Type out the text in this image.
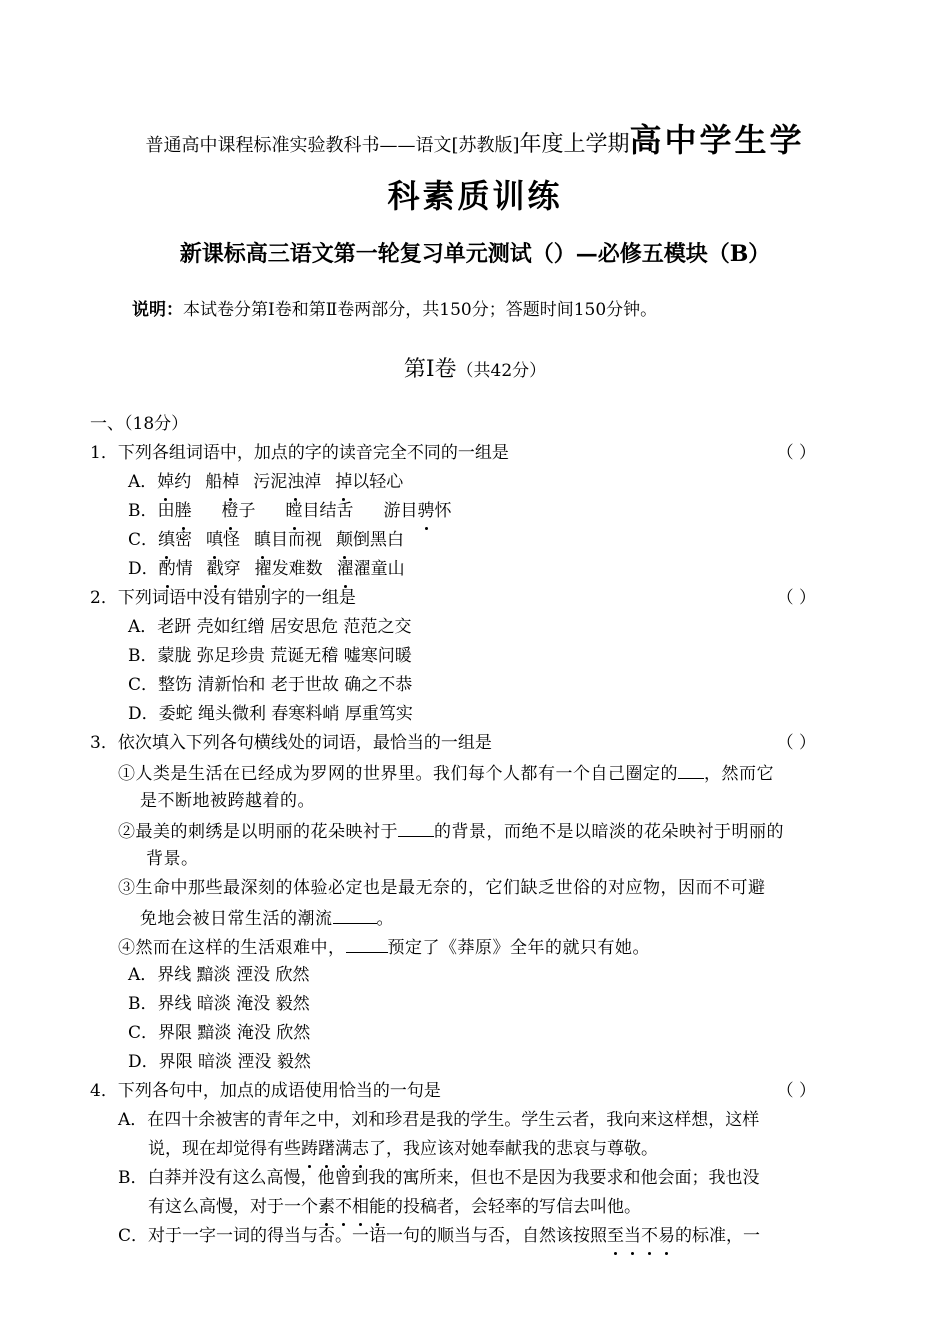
普通高中课程标准实验教科书——语文[苏教版]年度上学期高中学生学
科素质训练
新课标高三语文第一轮复习单元测试（）—必修五模块（B）
说明：本试卷分第Ⅰ卷和第Ⅱ卷两部分，共150分；答题时间150分钟。
第Ⅰ卷（共42分）
一、（18分）
1．下列各组词语中，加点的字的读音完全不同的一组是	（ ）
A．婥约 船棹 污泥浊淖 掉以轻心
B．田塍 橙子 瞠目结舌 游目骋怀
C．缜密 嗔怪 瞋目而视 颠倒黑白
D．酌情 戳穿 擢发难数 濯濯童山
2．下列词语中没有错别字的一组是	（ ）
A．老趼 壳如红缯 居安思危 范范之交
B．蒙胧 弥足珍贵 荒诞无稽 嘘寒问暖
C．整饬 清新怡和 老于世故 确之不恭
D．委蛇 绳头微利 春寒料峭 厚重笃实
3．依次填入下列各句横线处的词语，最恰当的一组是	（ ）
①人类是生活在已经成为罗网的世界里。我们每个人都有一个自己圈定的 ，然而它
是不断地被跨越着的。
②最美的刺绣是以明丽的花朵映衬于 的背景，而绝不是以暗淡的花朵映衬于明丽的
背景。
③生命中那些最深刻的体验必定也是最无奈的，它们缺乏世俗的对应物，因而不可避
免地会被日常生活的潮流	。
④然而在这样的生活艰难中， 预定了《莽原》全年的就只有她。
A．界线 黯淡 湮没 欣然
B．界线 暗淡 淹没 毅然
C．界限 黯淡 淹没 欣然
D．界限 暗淡 湮没 毅然
4．下列各句中，加点的成语使用恰当的一句是	（ ）
A．在四十余被害的青年之中，刘和珍君是我的学生。学生云者，我向来这样想，这样
说，现在却觉得有些踌躇满志了，我应该对她奉献我的悲哀与尊敬。
B．白莽并没有这么高慢，他曾到我的寓所来，但也不是因为我要求和他会面；我也没
有这么高慢，对于一个素不相能的投稿者，会轻率的写信去叫他。
C．对于一字一词的得当与否。一语一句的顺当与否，自然该按照至当不易的标准，一
